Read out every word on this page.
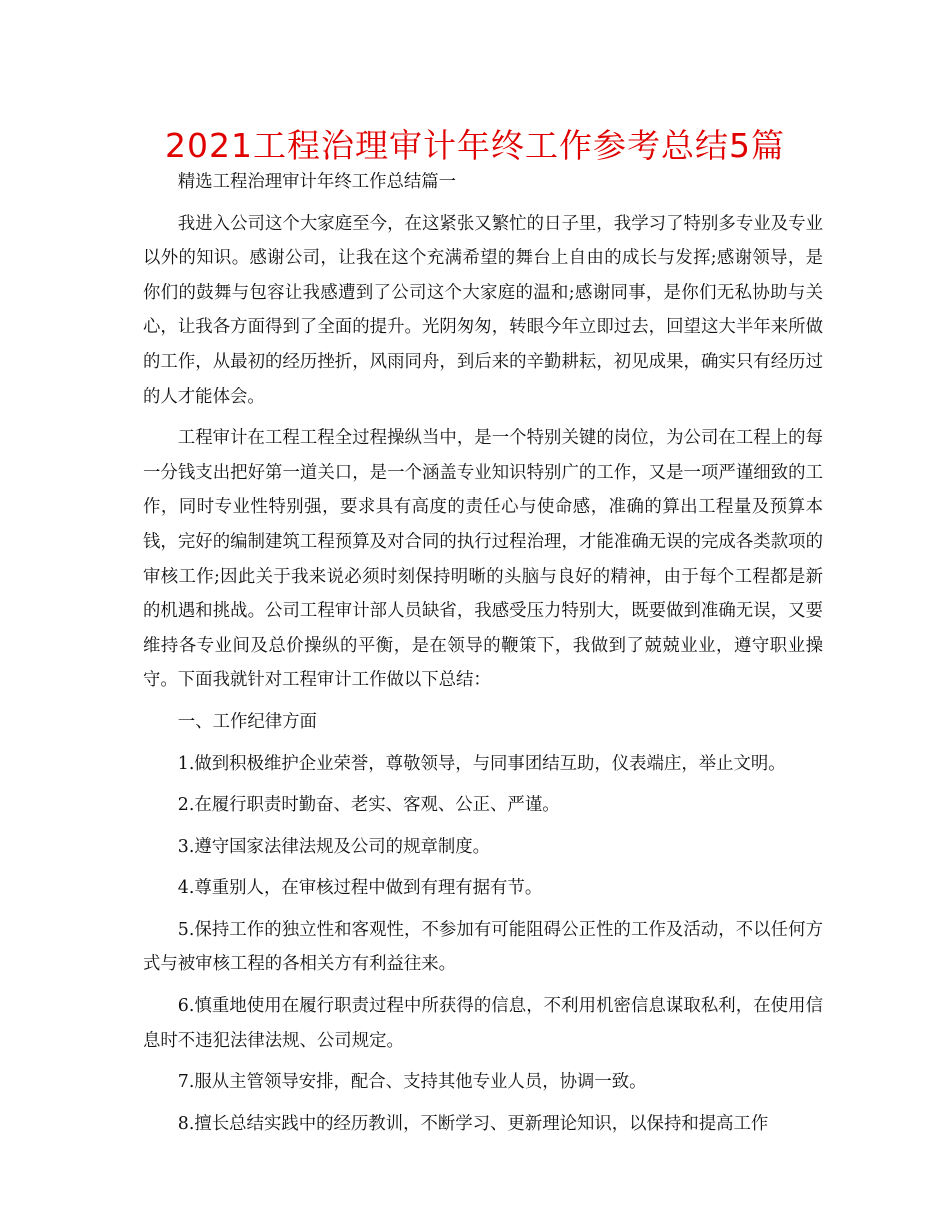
2021工程治理审计年终工作参考总结5篇

精选工程治理审计年终工作总结篇一

我进入公司这个大家庭至今，在这紧张又繁忙的日子里，我学习了特别多专业及专业以外的知识。感谢公司，让我在这个充满希望的舞台上自由的成长与发挥;感谢领导，是你们的鼓舞与包容让我感遭到了公司这个大家庭的温和;感谢同事，是你们无私协助与关心，让我各方面得到了全面的提升。光阴匆匆，转眼今年立即过去，回望这大半年来所做的工作，从最初的经历挫折，风雨同舟，到后来的辛勤耕耘，初见成果，确实只有经历过的人才能体会。

工程审计在工程工程全过程操纵当中，是一个特别关键的岗位，为公司在工程上的每一分钱支出把好第一道关口，是一个涵盖专业知识特别广的工作，又是一项严谨细致的工作，同时专业性特别强，要求具有高度的责任心与使命感，准确的算出工程量及预算本钱，完好的编制建筑工程预算及对合同的执行过程治理，才能准确无误的完成各类款项的审核工作;因此关于我来说必须时刻保持明晰的头脑与良好的精神，由于每个工程都是新的机遇和挑战。公司工程审计部人员缺省，我感受压力特别大，既要做到准确无误，又要维持各专业间及总价操纵的平衡，是在领导的鞭策下，我做到了兢兢业业，遵守职业操守。下面我就针对工程审计工作做以下总结：

一、工作纪律方面

1.做到积极维护企业荣誉，尊敬领导，与同事团结互助，仪表端庄，举止文明。

2.在履行职责时勤奋、老实、客观、公正、严谨。

3.遵守国家法律法规及公司的规章制度。

4.尊重别人，在审核过程中做到有理有据有节。

5.保持工作的独立性和客观性，不参加有可能阻碍公正性的工作及活动，不以任何方式与被审核工程的各相关方有利益往来。

6.慎重地使用在履行职责过程中所获得的信息，不利用机密信息谋取私利，在使用信息时不违犯法律法规、公司规定。

7.服从主管领导安排，配合、支持其他专业人员，协调一致。

8.擅长总结实践中的经历教训，不断学习、更新理论知识，以保持和提高工作
